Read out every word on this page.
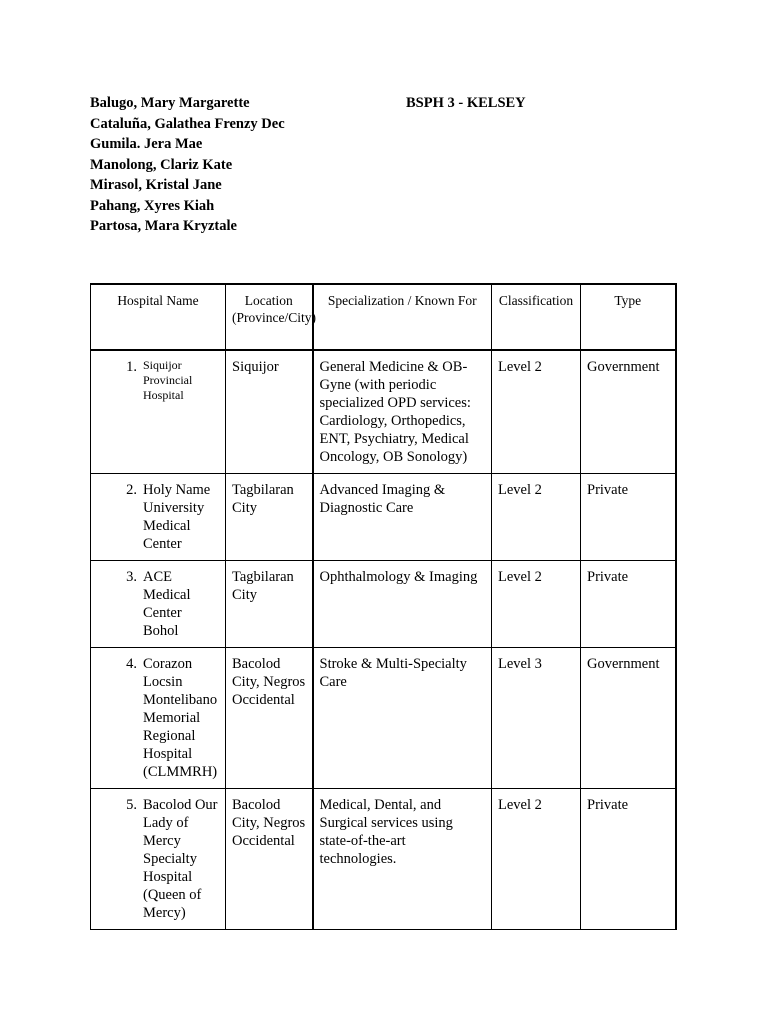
Balugo, Mary Margarette
Cataluña, Galathea Frenzy Dec
Gumila. Jera Mae
Manolong, Clariz Kate
Mirasol, Kristal Jane
Pahang, Xyres Kiah
Partosa, Mara Kryztale
BSPH 3 - KELSEY
Hospital Name	Location (Province/City)	Specialization / Known For	Classification	Type

1. Siquijor Provincial Hospital	Siquijor	General Medicine & OB-Gyne (with periodic specialized OPD services: Cardiology, Orthopedics, ENT, Psychiatry, Medical Oncology, OB Sonology)	Level 2	Government

2. Holy Name University Medical Center	Tagbilaran City	Advanced Imaging & Diagnostic Care	Level 2	Private

3. ACE Medical Center Bohol	Tagbilaran City	Ophthalmology & Imaging	Level 2	Private

4. Corazon Locsin Montelibano Memorial Regional Hospital (CLMMRH)	Bacolod City, Negros Occidental	Stroke & Multi-Specialty Care	Level 3	Government

5. Bacolod Our Lady of Mercy Specialty Hospital (Queen of Mercy)	Bacolod City, Negros Occidental	Medical, Dental, and Surgical services using state-of-the-art technologies.	Level 2	Private
